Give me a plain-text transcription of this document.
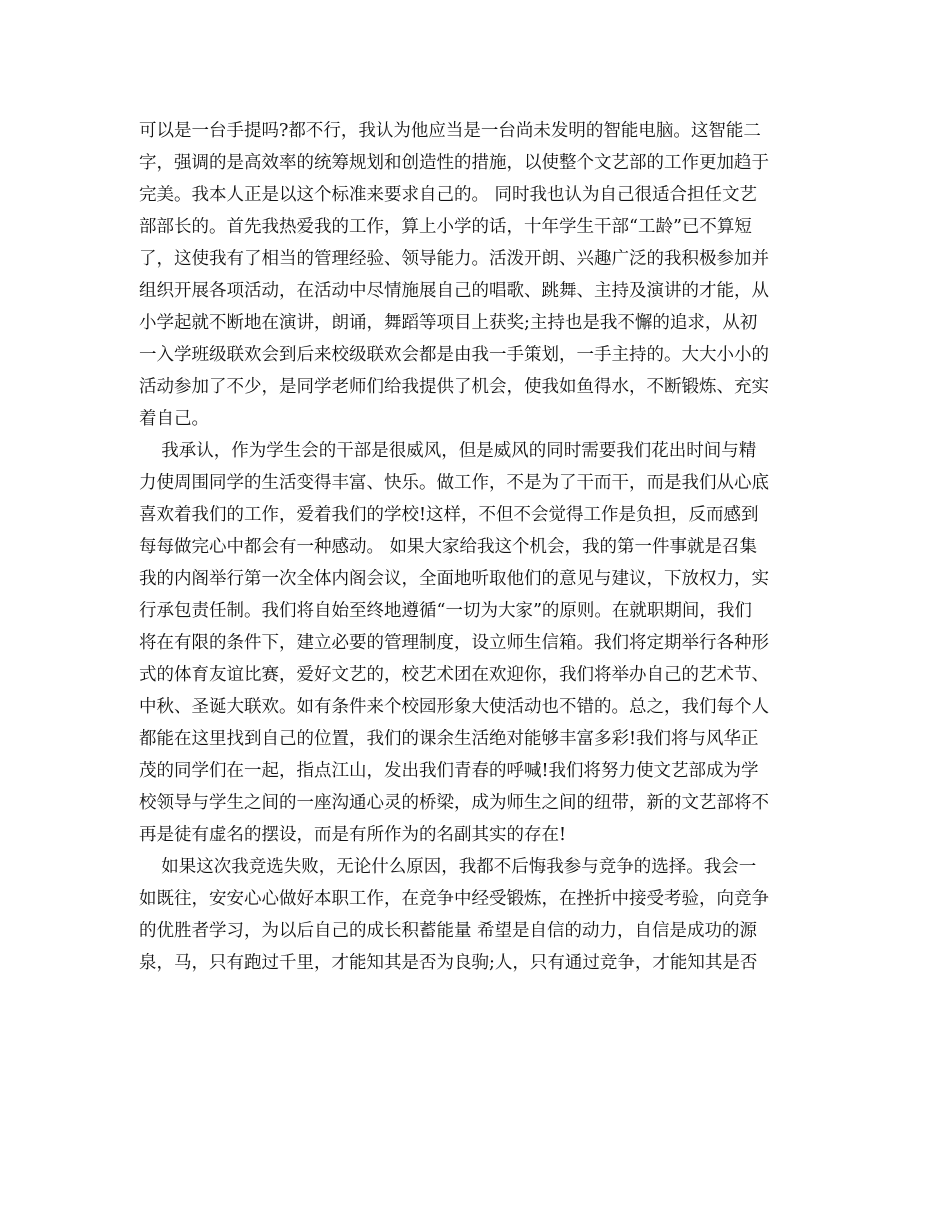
可以是一台手提吗?都不行，我认为他应当是一台尚未发明的智能电脑。这智能二
字，强调的是高效率的统筹规划和创造性的措施，以使整个文艺部的工作更加趋于
完美。我本人正是以这个标准来要求自己的。 同时我也认为自己很适合担任文艺
部部长的。首先我热爱我的工作，算上小学的话，十年学生干部“工龄”已不算短
了，这使我有了相当的管理经验、领导能力。活泼开朗、兴趣广泛的我积极参加并
组织开展各项活动，在活动中尽情施展自己的唱歌、跳舞、主持及演讲的才能，从
小学起就不断地在演讲，朗诵，舞蹈等项目上获奖;主持也是我不懈的追求，从初
一入学班级联欢会到后来校级联欢会都是由我一手策划，一手主持的。大大小小的
活动参加了不少，是同学老师们给我提供了机会，使我如鱼得水，不断锻炼、充实
着自己。
我承认，作为学生会的干部是很威风，但是威风的同时需要我们花出时间与精
力使周围同学的生活变得丰富、快乐。做工作，不是为了干而干，而是我们从心底
喜欢着我们的工作，爱着我们的学校!这样，不但不会觉得工作是负担，反而感到
每每做完心中都会有一种感动。 如果大家给我这个机会，我的第一件事就是召集
我的内阁举行第一次全体内阁会议，全面地听取他们的意见与建议，下放权力，实
行承包责任制。我们将自始至终地遵循“一切为大家”的原则。在就职期间，我们
将在有限的条件下，建立必要的管理制度，设立师生信箱。我们将定期举行各种形
式的体育友谊比赛，爱好文艺的，校艺术团在欢迎你，我们将举办自己的艺术节、
中秋、圣诞大联欢。如有条件来个校园形象大使活动也不错的。总之，我们每个人
都能在这里找到自己的位置，我们的课余生活绝对能够丰富多彩!我们将与风华正
茂的同学们在一起，指点江山，发出我们青春的呼喊!我们将努力使文艺部成为学
校领导与学生之间的一座沟通心灵的桥梁，成为师生之间的纽带，新的文艺部将不
再是徒有虚名的摆设，而是有所作为的名副其实的存在!
如果这次我竞选失败，无论什么原因，我都不后悔我参与竞争的选择。我会一
如既往，安安心心做好本职工作，在竞争中经受锻炼，在挫折中接受考验，向竞争
的优胜者学习，为以后自己的成长积蓄能量 希望是自信的动力，自信是成功的源
泉，马，只有跑过千里，才能知其是否为良驹;人，只有通过竞争，才能知其是否
